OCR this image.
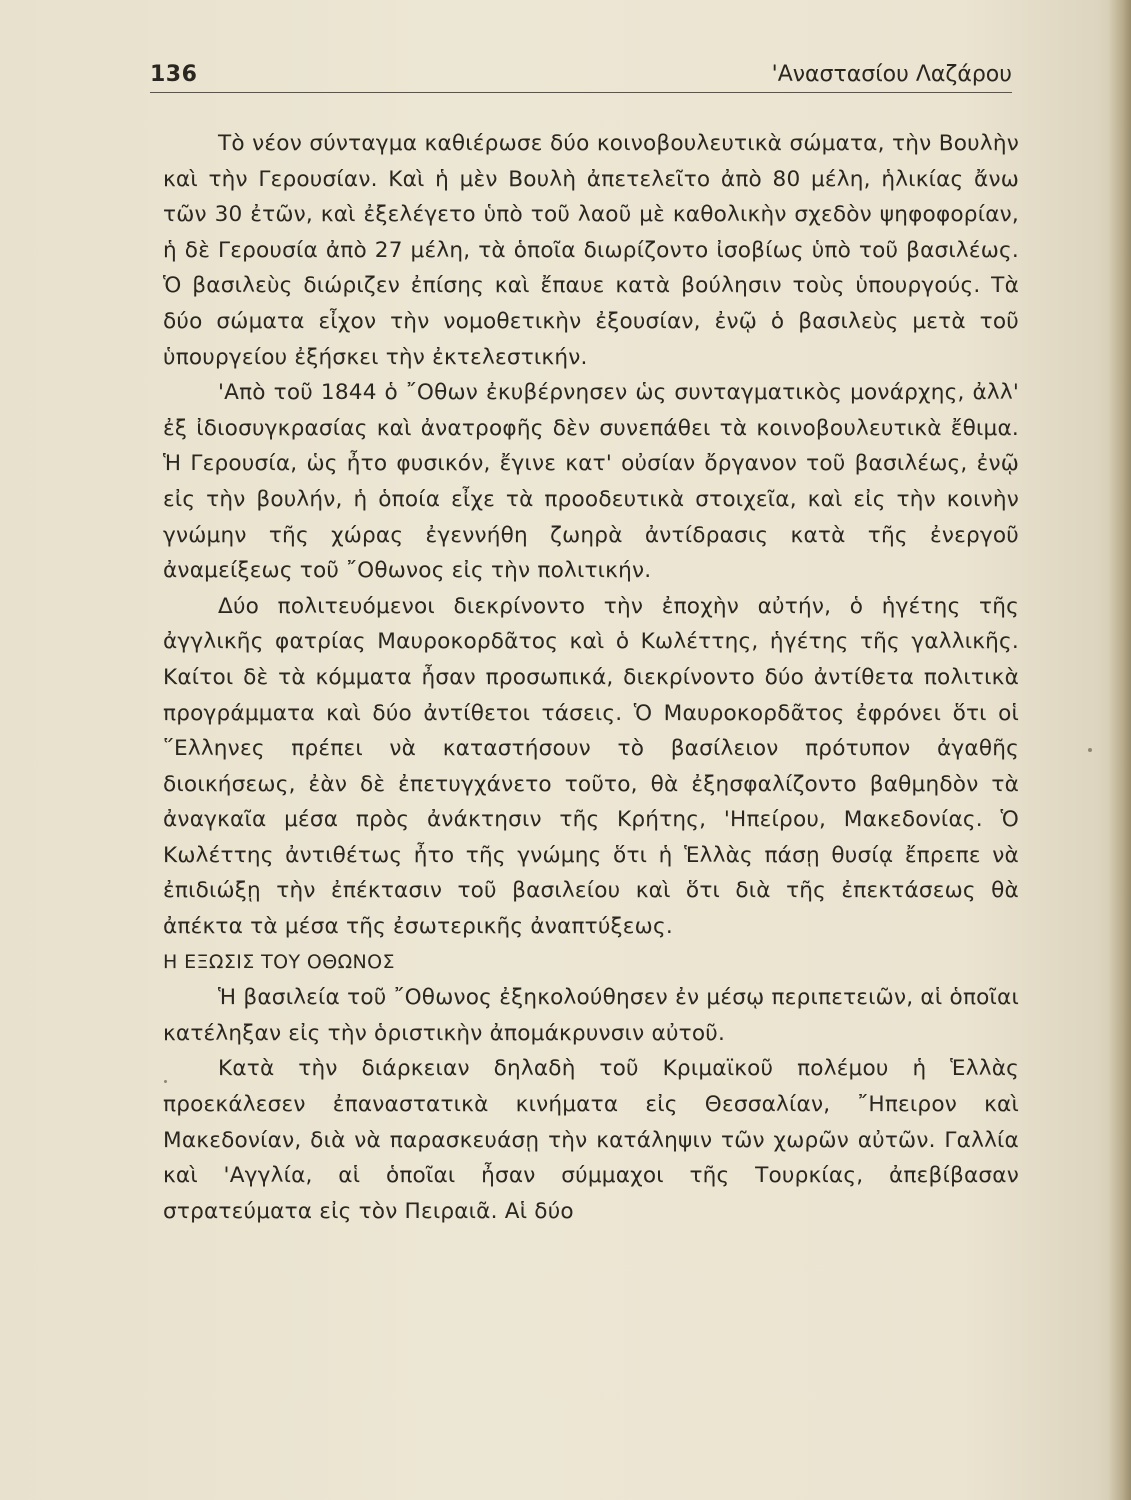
136	'Αναστασίου Λαζάρου

Τὸ νέον σύνταγμα καθιέρωσε δύο κοινοβουλευτικὰ σώματα, τὴν Βουλὴν καὶ τὴν Γερουσίαν. Καὶ ἡ μὲν Βουλὴ ἀπετελεῖτο ἀπὸ 80 μέλη, ἡλικίας ἄνω τῶν 30 ἐτῶν, καὶ ἐξελέγετο ὑπὸ τοῦ λαοῦ μὲ καθολικὴν σχεδὸν ψηφοφορίαν, ἡ δὲ Γερουσία ἀπὸ 27 μέλη, τὰ ὁποῖα διωρίζοντο ἰσοβίως ὑπὸ τοῦ βασιλέως. Ὁ βασιλεὺς διώριζεν ἐπίσης καὶ ἔπαυε κατὰ βούλησιν τοὺς ὑπουργούς. Τὰ δύο σώματα εἶχον τὴν νομοθετικὴν ἐξουσίαν, ἐνῷ ὁ βασιλεὺς μετὰ τοῦ ὑπουργείου ἐξήσκει τὴν ἐκτελεστικήν.

'Απὸ τοῦ 1844 ὁ ῎Οθων ἐκυβέρνησεν ὡς συνταγματικὸς μονάρχης, ἀλλ' ἐξ ἰδιοσυγκρασίας καὶ ἀνατροφῆς δὲν συνεπάθει τὰ κοινοβουλευτικὰ ἔθιμα. Ἡ Γερουσία, ὡς ἦτο φυσικόν, ἔγινε κατ' οὐσίαν ὄργανον τοῦ βασιλέως, ἐνῷ εἰς τὴν βουλήν, ἡ ὁποία εἶχε τὰ προοδευτικὰ στοιχεῖα, καὶ εἰς τὴν κοινὴν γνώμην τῆς χώρας ἐγεννήθη ζωηρὰ ἀντίδρασις κατὰ τῆς ἐνεργοῦ ἀναμείξεως τοῦ ῎Οθωνος εἰς τὴν πολιτικήν.

Δύο πολιτευόμενοι διεκρίνοντο τὴν ἐποχὴν αὐτήν, ὁ ἡγέτης τῆς ἀγγλικῆς φατρίας Μαυροκορδᾶτος καὶ ὁ Κωλέττης, ἡγέτης τῆς γαλλικῆς. Καίτοι δὲ τὰ κόμματα ἦσαν προσωπικά, διεκρίνοντο δύο ἀντίθετα πολιτικὰ προγράμματα καὶ δύο ἀντίθετοι τάσεις. Ὁ Μαυροκορδᾶτος ἐφρόνει ὅτι οἱ ῞Ελληνες πρέπει νὰ καταστήσουν τὸ βασίλειον πρότυπον ἀγαθῆς διοικήσεως, ἐὰν δὲ ἐπετυγχάνετο τοῦτο, θὰ ἐξησφαλίζοντο βαθμηδὸν τὰ ἀναγκαῖα μέσα πρὸς ἀνάκτησιν τῆς Κρήτης, 'Ηπείρου, Μακεδονίας. Ὁ Κωλέττης ἀντιθέτως ἦτο τῆς γνώμης ὅτι ἡ Ἑλλὰς πάσῃ θυσίᾳ ἔπρεπε νὰ ἐπιδιώξῃ τὴν ἐπέκτασιν τοῦ βασιλείου καὶ ὅτι διὰ τῆς ἐπεκτάσεως θὰ ἀπέκτα τὰ μέσα τῆς ἐσωτερικῆς ἀναπτύξεως.

Η ΕΞΩΣΙΣ ΤΟΥ ΟΘΩΝΟΣ

Ἡ βασιλεία τοῦ ῎Οθωνος ἐξηκολούθησεν ἐν μέσῳ περιπετειῶν, αἱ ὁποῖαι κατέληξαν εἰς τὴν ὁριστικὴν ἀπομάκρυνσιν αὐτοῦ.

Κατὰ τὴν διάρκειαν δηλαδὴ τοῦ Κριμαϊκοῦ πολέμου ἡ Ἑλλὰς προεκάλεσεν ἐπαναστατικὰ κινήματα εἰς Θεσσαλίαν, ῎Ηπειρον καὶ Μακεδονίαν, διὰ νὰ παρασκευάσῃ τὴν κατάληψιν τῶν χωρῶν αὐτῶν. Γαλλία καὶ 'Αγγλία, αἱ ὁποῖαι ἦσαν σύμμαχοι τῆς Τουρκίας, ἀπεβίβασαν στρατεύματα εἰς τὸν Πειραιᾶ. Αἱ δύο
